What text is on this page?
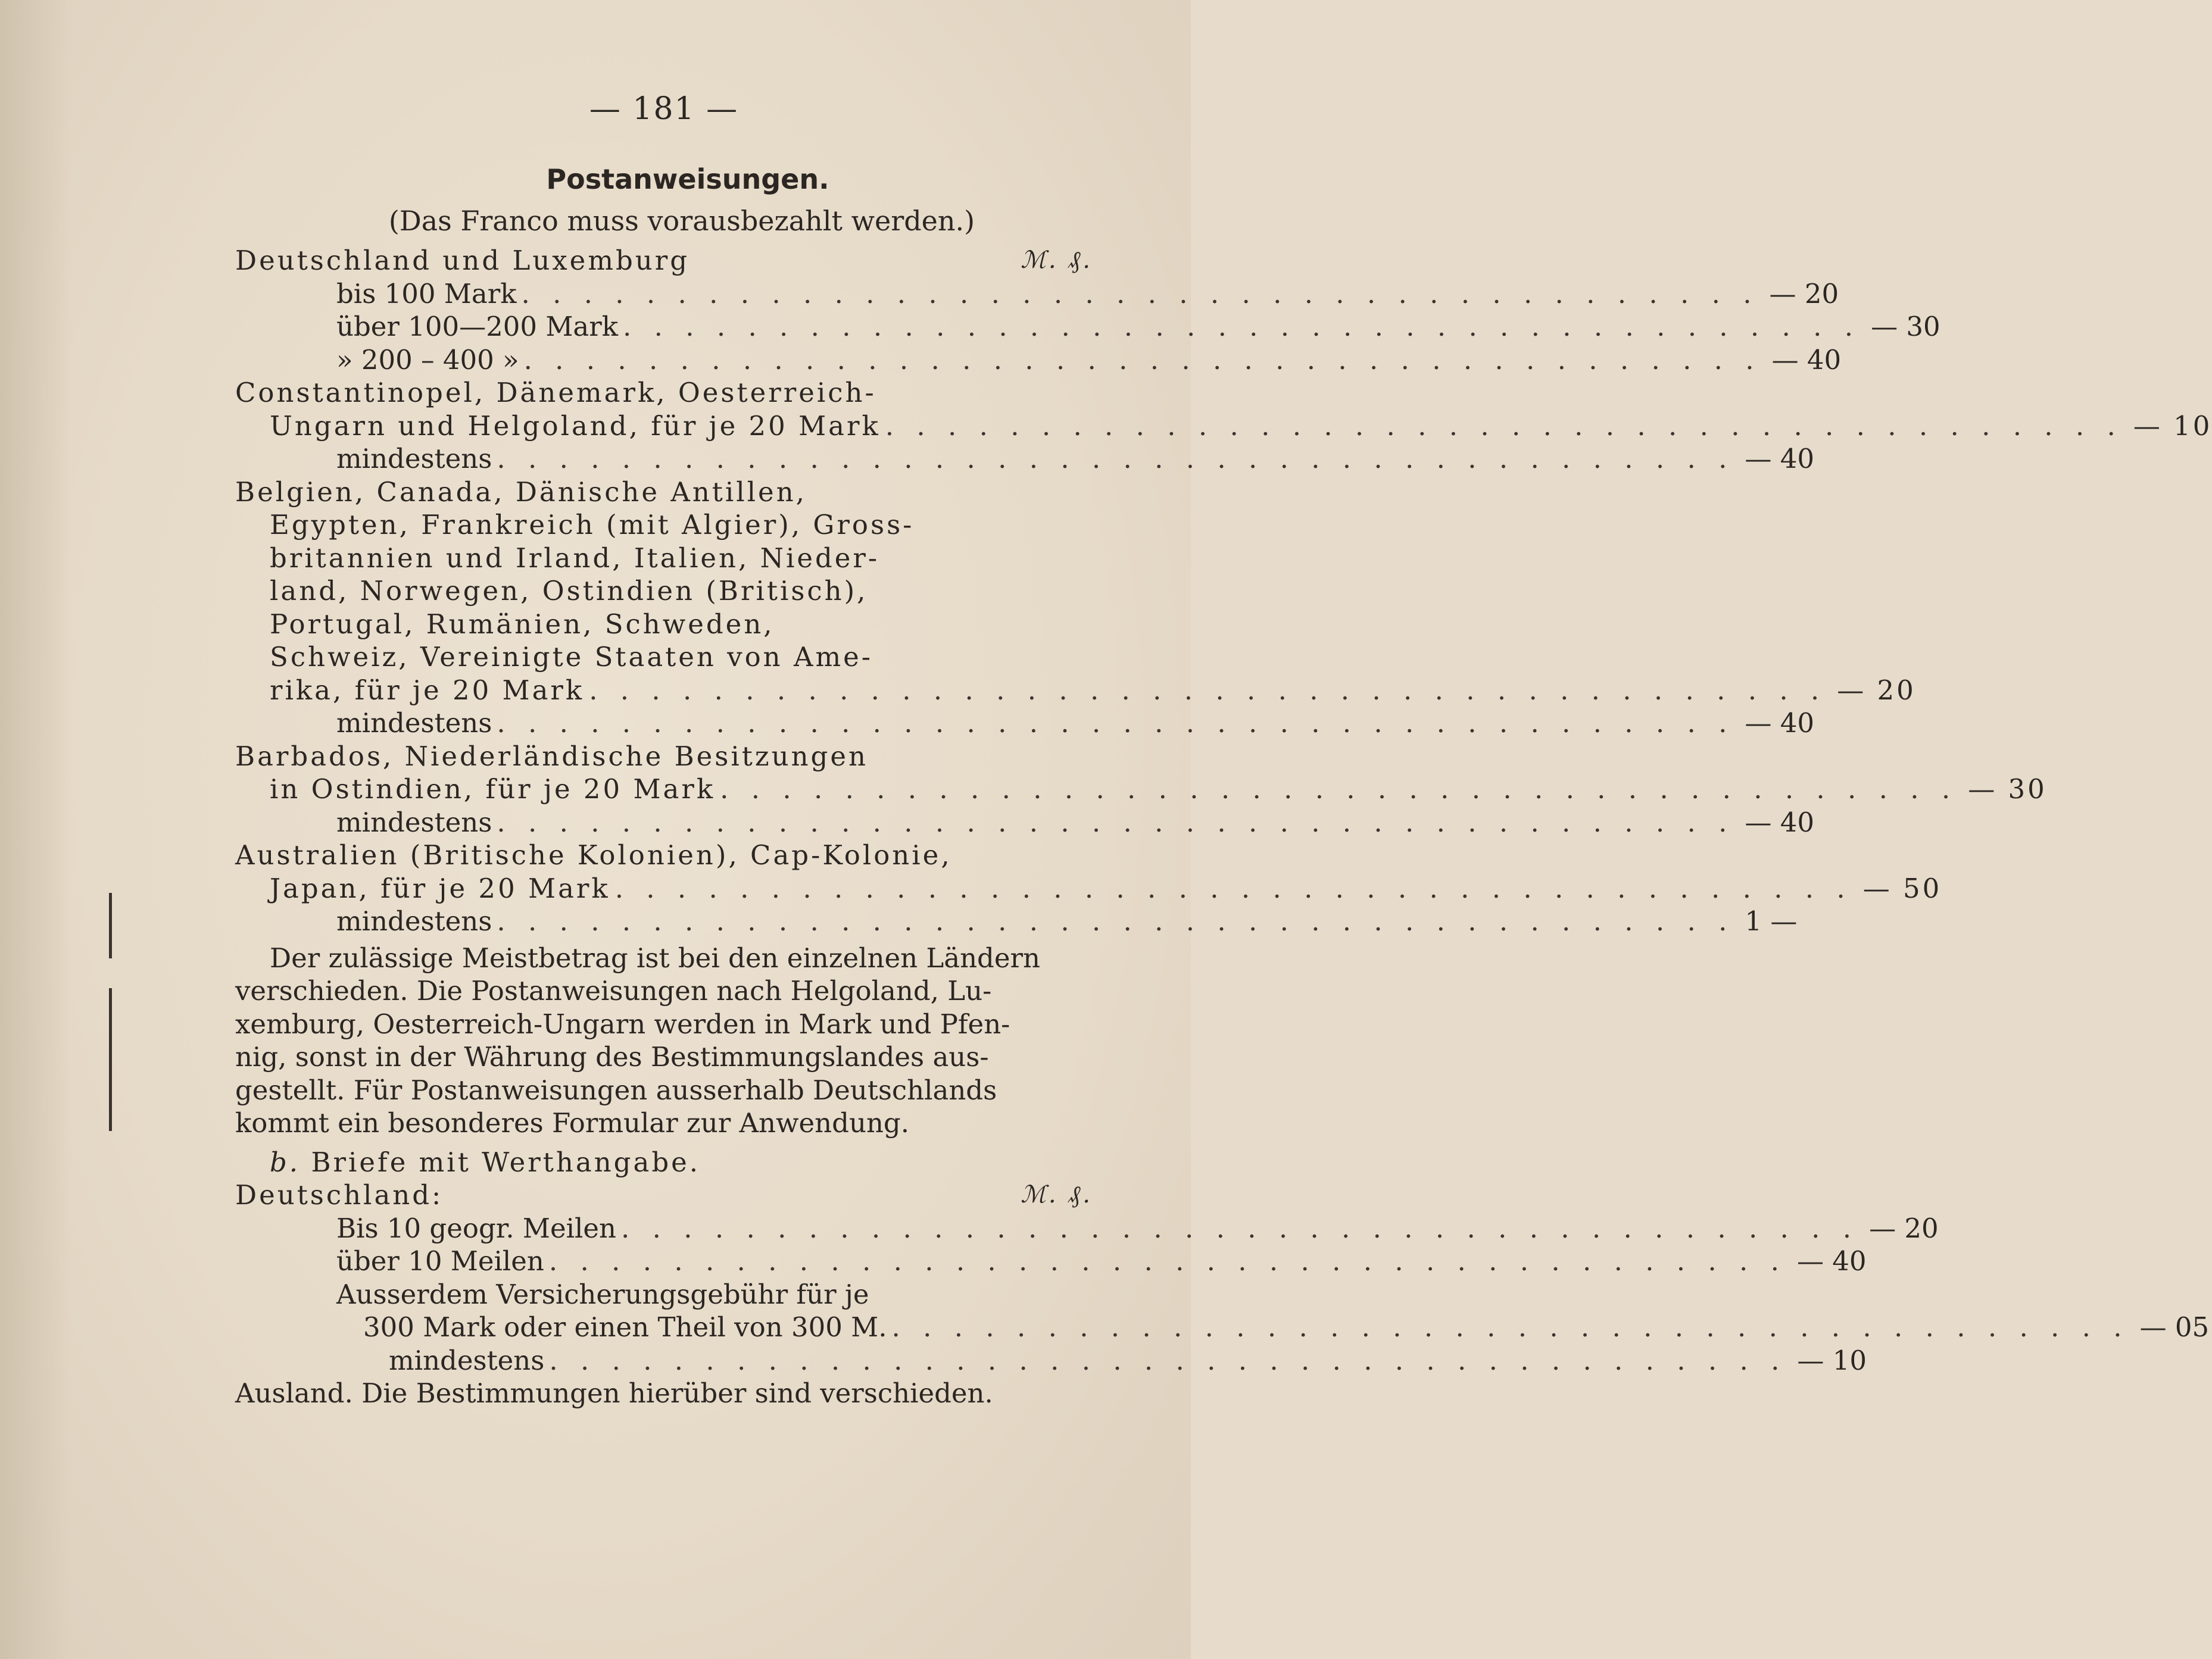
— 181 —
Postanweisungen.
(Das Franco muss vorausbezahlt werden.)
Deutschland und Luxemburg	ℳ. ₰.
bis 100 Mark . . . . . . . . . . . . . . . . . . . . . . . . . . . . . . . . . . . . . . . . — 20
über 100—200 Mark . . . . . . . . . . . . . . . . . . . . . . . . . . . . . . . . . . . . . . . . — 30
» 200 – 400 » . . . . . . . . . . . . . . . . . . . . . . . . . . . . . . . . . . . . . . . . — 40
Constantinopel, Dänemark, Oesterreich-
Ungarn und Helgoland, für je 20 Mark . . . . . . . . . . . . . . . . . . . . . . . . . . . . . . . . . . . . . . . . — 10
mindestens . . . . . . . . . . . . . . . . . . . . . . . . . . . . . . . . . . . . . . . . — 40
Belgien, Canada, Dänische Antillen,
Egypten, Frankreich (mit Algier), Gross-
britannien und Irland, Italien, Nieder-
land, Norwegen, Ostindien (Britisch),
Portugal, Rumänien, Schweden,
Schweiz, Vereinigte Staaten von Ame-
rika, für je 20 Mark . . . . . . . . . . . . . . . . . . . . . . . . . . . . . . . . . . . . . . . . — 20
mindestens . . . . . . . . . . . . . . . . . . . . . . . . . . . . . . . . . . . . . . . . — 40
Barbados, Niederländische Besitzungen
in Ostindien, für je 20 Mark . . . . . . . . . . . . . . . . . . . . . . . . . . . . . . . . . . . . . . . . — 30
mindestens . . . . . . . . . . . . . . . . . . . . . . . . . . . . . . . . . . . . . . . . — 40
Australien (Britische Kolonien), Cap-Kolonie,
Japan, für je 20 Mark . . . . . . . . . . . . . . . . . . . . . . . . . . . . . . . . . . . . . . . . — 50
mindestens . . . . . . . . . . . . . . . . . . . . . . . . . . . . . . . . . . . . . . . . 1 —
Der zulässige Meistbetrag ist bei den einzelnen Ländern
verschieden. Die Postanweisungen nach Helgoland, Lu-
xemburg, Oesterreich-Ungarn werden in Mark und Pfen-
nig, sonst in der Währung des Bestimmungslandes aus-
gestellt. Für Postanweisungen ausserhalb Deutschlands
kommt ein besonderes Formular zur Anwendung.
b. Briefe mit Werthangabe.
Deutschland:	ℳ. ₰.
Bis 10 geogr. Meilen . . . . . . . . . . . . . . . . . . . . . . . . . . . . . . . . . . . . . . . . — 20
über 10 Meilen . . . . . . . . . . . . . . . . . . . . . . . . . . . . . . . . . . . . . . . . — 40
Ausserdem Versicherungsgebühr für je
300 Mark oder einen Theil von 300 M. . . . . . . . . . . . . . . . . . . . . . . . . . . . . . . . . . . . . . . . . — 05
mindestens . . . . . . . . . . . . . . . . . . . . . . . . . . . . . . . . . . . . . . . . — 10
Ausland. Die Bestimmungen hierüber sind verschieden.
